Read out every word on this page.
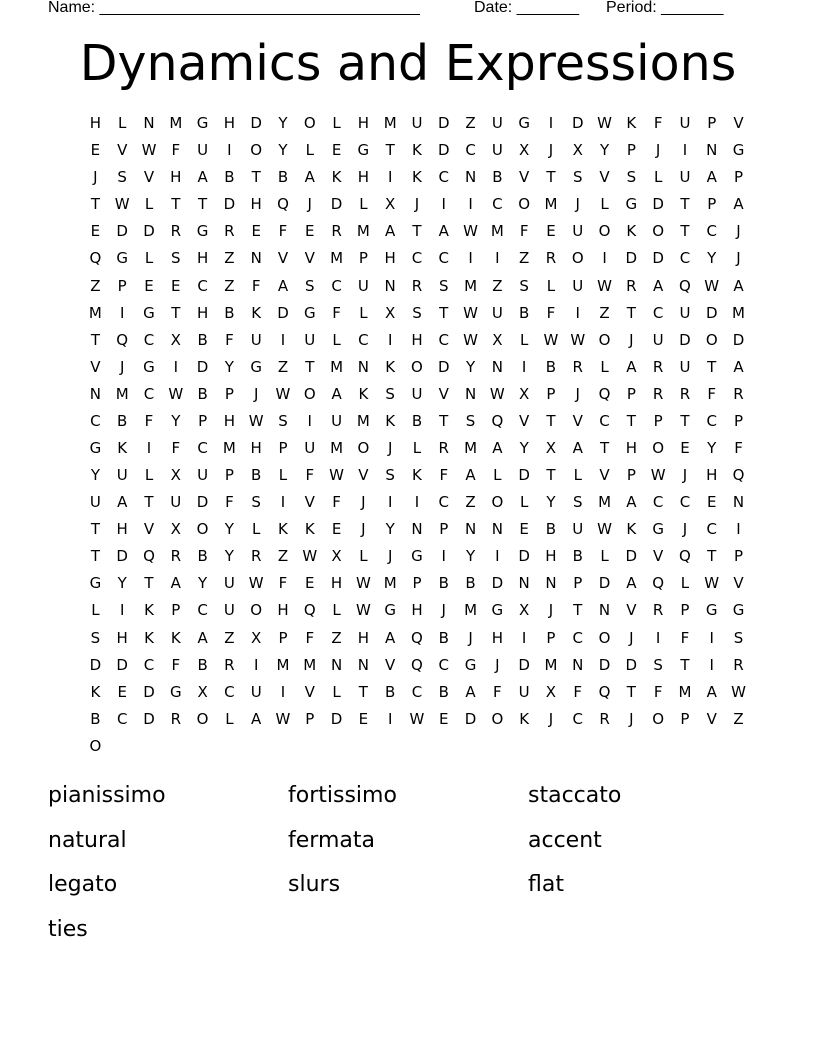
Name: ____________________________________	Date: _______ Period: _______
Dynamics and Expressions
H	L	N M G	H	D	Y	O	L	H M U	D	Z	U	G	I	D W K	F	U	P	V
E	V W	F	U	I	O	Y	L	E	G	T	K	D	C	U	X	J	X	Y	P	J	I	N	G
J	S	V	H	A	B	T	B	A	K	H	I	K	C	N	B	V	T	S	V	S	L	U	A	P
T W	L	T	T	D	H	Q	J	D	L	X	J	I	I	C	O M	J	L	G	D	T	P	A
E	D	D	R	G	R	E	F	E	R	M	A	T	A W M	F	E	U	O	K	O	T	C	J
Q	G	L	S	H	Z	N	V	V	M	P	H	C	C	I	I	Z	R	O	I	D	D	C	Y	J
Z	P	E	E	C	Z	F	A	S	C	U	N	R	S	M	Z	S	L	U W R	A	Q W A
M	I	G	T	H	B	K	D	G	F	L	X	S	T W U	B	F	I	Z	T	C	U	D M
T	Q	C	X	B	F	U	I	U	L	C	I	H	C W X	L	W W O	J	U	D	O	D
V	J	G	I	D	Y	G	Z	T	M N	K	O	D	Y	N	I	B	R	L	A	R	U	T	A
N M	C W B	P	J	W O	A	K	S	U	V	N W X	P	J	Q	P	R	R	F	R
C	B	F	Y	P	H W S	I	U M	K	B	T	S	Q	V	T	V	C	T	P	T	C	P
G	K	I	F	C	M H	P	U M O	J	L	R	M	A	Y	X	A	T	H	O	E	Y	F
Y	U	L	X	U	P	B	L	F	W V	S	K	F	A	L	D	T	L	V	P W	J	H	Q
U	A	T	U	D	F	S	I	V	F	J	I	I	C	Z	O	L	Y	S	M	A	C	C	E	N
T	H	V	X	O	Y	L	K	K	E	J	Y	N	P	N	N	E	B	U W K	G	J	C	I
T	D	Q	R	B	Y	R	Z W X	L	J	G	I	Y	I	D	H	B	L	D	V	Q	T	P
G	Y	T	A	Y	U W	F	E	H W M	P	B	B	D	N	N	P	D	A	Q	L	W V
L	I	K	P	C	U	O	H	Q	L	W G	H	J	M G	X	J	T	N	V	R	P	G	G
S	H	K	K	A	Z	X	P	F	Z	H	A	Q	B	J	H	I	P	C	O	J	I	F	I	S
D	D	C	F	B	R	I	M M N	N	V	Q	C	G	J	D M N	D	D	S	T	I	R
K	E	D	G	X	C	U	I	V	L	T	B	C	B	A	F	U	X	F	Q	T	F	M	A W
B	C	D	R	O	L	A W P	D	E	I	W E	D	O	K	J	C	R	J	O	P	V	Z
O
pianissimo	fortissimo	staccato
natural	fermata	accent
legato	slurs	flat
ties
